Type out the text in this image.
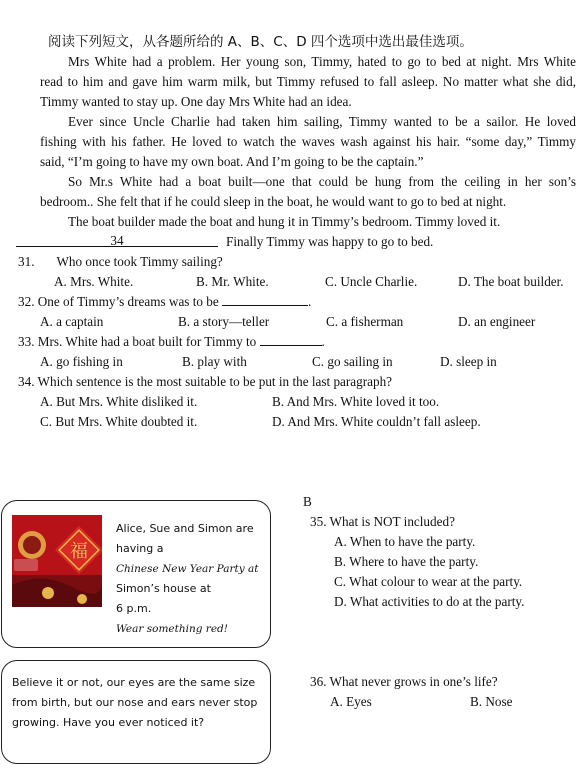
阅读下列短文，从各题所给的 A、B、C、D 四个选项中选出最佳选项。
Mrs White had a problem. Her young son, Timmy, hated to go to bed at night. Mrs White
read to him and gave him warm milk, but Timmy refused to fall asleep. No matter what she did,
Timmy wanted to stay up. One day Mrs White had an idea.
Ever since Uncle Charlie had taken him sailing, Timmy wanted to be a sailor. He loved
fishing with his father. He loved to watch the waves wash against his hair. “some day,” Timmy
said, “I’m going to have my own boat. And I’m going to be the captain.”
So Mr.s White had a boat built—one that could be hung from the ceiling in her son’s
bedroom.. She felt that if he could sleep in the boat, he would want to go to bed at night.
The boat builder made the boat and hung it in Timmy’s bedroom. Timmy loved it.
34	Finally Timmy was happy to go to bed.
31. Who once took Timmy sailing?
A. Mrs. White.	B. Mr. White.	C. Uncle Charlie.	D. The boat builder.
32. One of Timmy’s dreams was to be	.
A. a captain	B. a story—teller	C. a fisherman	D. an engineer
33. Mrs. White had a boat built for Timmy to	.
A. go fishing in	B. play with	C. go sailing in	D. sleep in
34. Which sentence is the most suitable to be put in the last paragraph?
A. But Mrs. White disliked it.	B. And Mrs. White loved it too.
C. But Mrs. White doubted it.	D. And Mrs. White couldn’t fall asleep.
B
福
Alice, Sue and Simon are
having a
Chinese New Year Party at
Simon’s house at
6 p.m.
Wear something red!
35. What is NOT included?
A. When to have the party.
B. Where to have the party.
C. What colour to wear at the party.
D. What activities to do at the party.
Believe it or not, our eyes are the same size
from birth, but our nose and ears never stop
growing. Have you ever noticed it?
36. What never grows in one’s life?
A. Eyes	B. Nose
